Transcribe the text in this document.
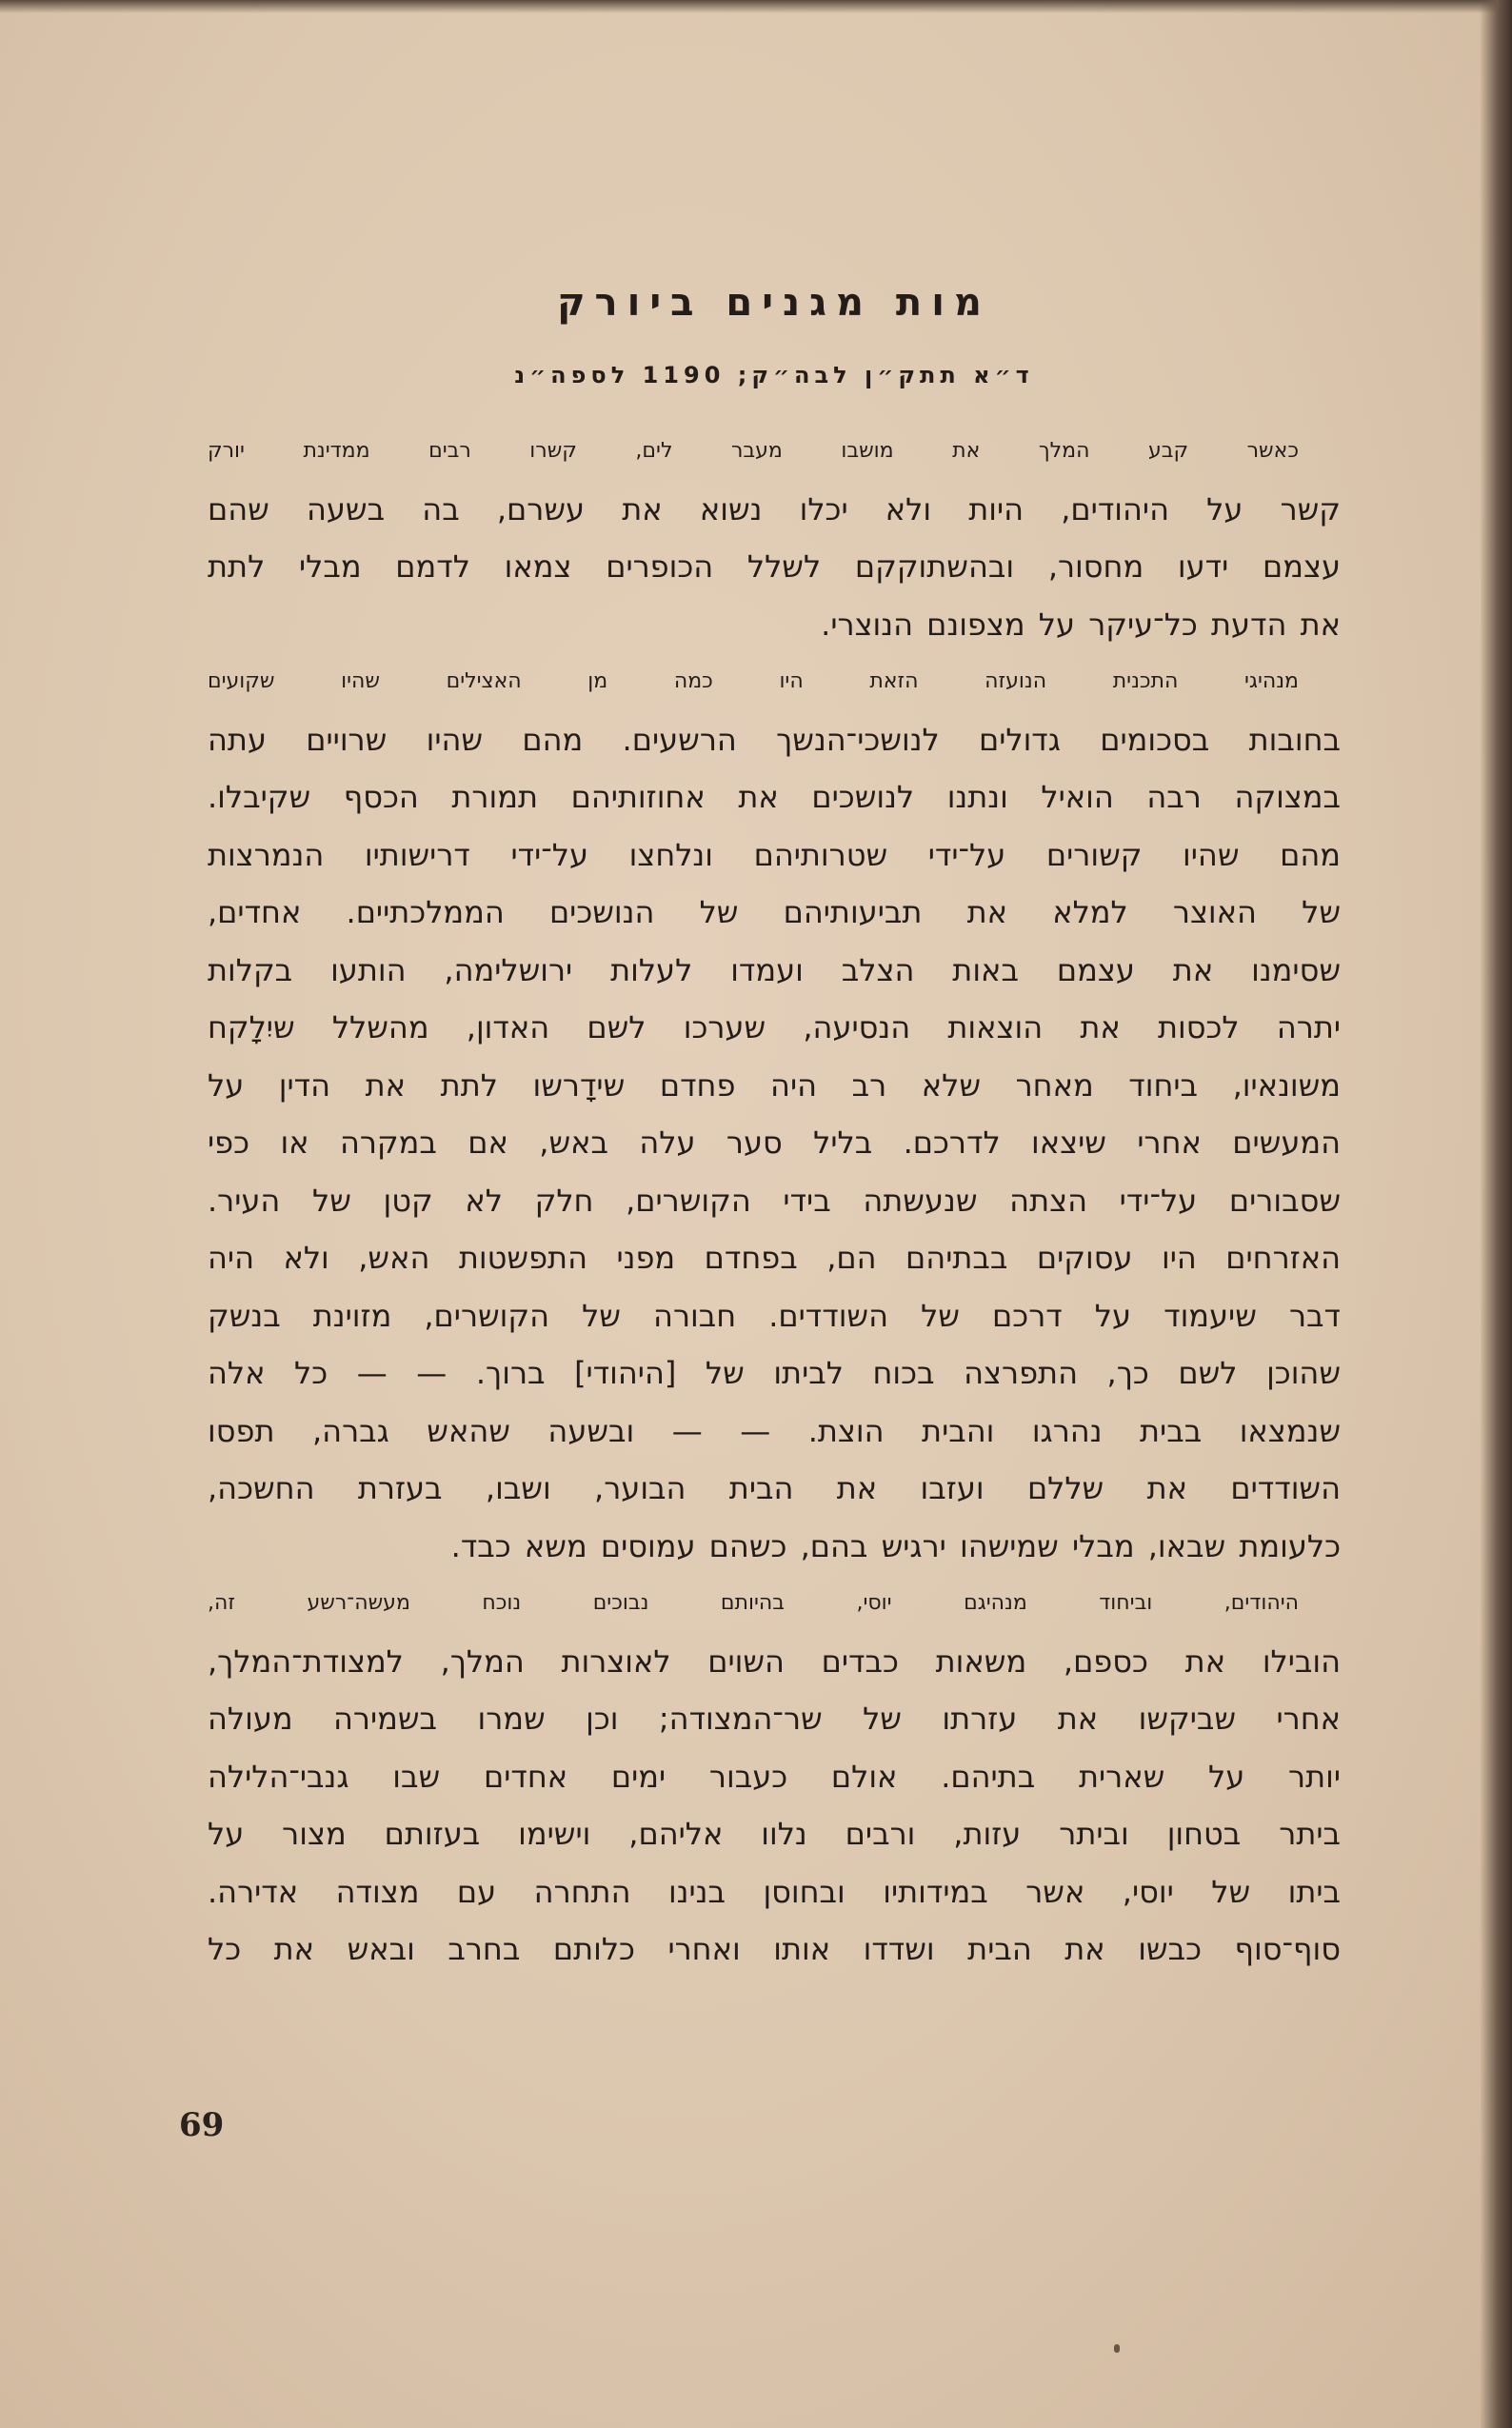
מות מגנים ביורק
ד״א תתק״ן לבה״ק; 1190 לספה״נ
כאשר קבע המלך את מושבו מעבר לים, קשרו רבים ממדינת יורק
קשר על היהודים, היות ולא יכלו נשוא את עשרם, בה בשעה שהם
עצמם ידעו מחסור, ובהשתוקקם לשלל הכופרים צמאו לדמם מבלי לתת
את הדעת כל־עיקר על מצפונם הנוצרי.
מנהיגי התכנית הנועזה הזאת היו כמה מן האצילים שהיו שקועים
בחובות בסכומים גדולים לנושכי־הנשך הרשעים. מהם שהיו שרויים עתה
במצוקה רבה הואיל ונתנו לנושכים את אחוזותיהם תמורת הכסף שקיבלו.
מהם שהיו קשורים על־ידי שטרותיהם ונלחצו על־ידי דרישותיו הנמרצות
של האוצר למלא את תביעותיהם של הנושכים הממלכתיים. אחדים,
שסימנו את עצמם באות הצלב ועמדו לעלות ירושלימה, הותעו בקלות
יתרה לכסות את הוצאות הנסיעה, שערכו לשם האדון, מהשלל שיִלָקח
משונאיו, ביחוד מאחר שלא רב היה פחדם שידָרשו לתת את הדין על
המעשים אחרי שיצאו לדרכם. בליל סער עלה באש, אם במקרה או כפי
שסבורים על־ידי הצתה שנעשתה בידי הקושרים, חלק לא קטן של העיר.
האזרחים היו עסוקים בבתיהם הם, בפחדם מפני התפשטות האש, ולא היה
דבר שיעמוד על דרכם של השודדים. חבורה של הקושרים, מזוינת בנשק
שהוכן לשם כך, התפרצה בכוח לביתו של [היהודי] ברוך. — — כל אלה
שנמצאו בבית נהרגו והבית הוצת. — — ובשעה שהאש גברה, תפסו
השודדים את שללם ועזבו את הבית הבוער, ושבו, בעזרת החשכה,
כלעומת שבאו, מבלי שמישהו ירגיש בהם, כשהם עמוסים משא כבד.
היהודים, וביחוד מנהיגם יוסי, בהיותם נבוכים נוכח מעשה־רשע זה,
הובילו את כספם, משאות כבדים השוים לאוצרות המלך, למצודת־המלך,
אחרי שביקשו את עזרתו של שר־המצודה; וכן שמרו בשמירה מעולה
יותר על שארית בתיהם. אולם כעבור ימים אחדים שבו גנבי־הלילה
ביתר בטחון וביתר עזות, ורבים נלוו אליהם, וישימו בעזותם מצור על
ביתו של יוסי, אשר במידותיו ובחוסן בנינו התחרה עם מצודה אדירה.
סוף־סוף כבשו את הבית ושדדו אותו ואחרי כלותם בחרב ובאש את כל
69
